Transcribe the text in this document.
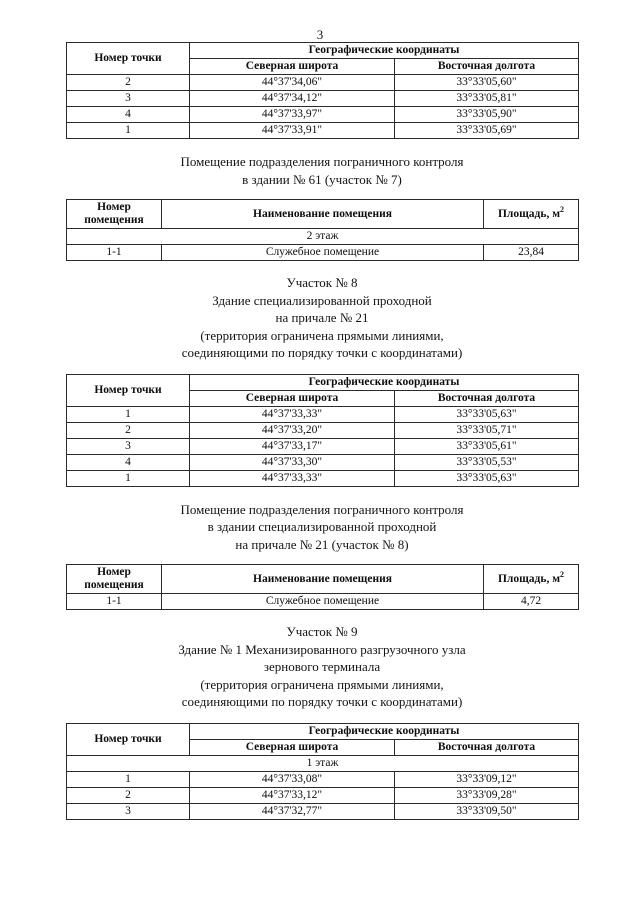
3
Номер точки	Географические координаты	
	Северная широта	Восточная долгота
2	44°37'34,06"	33°33'05,60"
3	44°37'34,12"	33°33'05,81"
4	44°37'33,97"	33°33'05,90"
1	44°37'33,91"	33°33'05,69"
Помещение подразделения пограничного контроля
в здании № 61 (участок № 7)
Номер помещения	Наименование помещения	Площадь, $м^2$
2 этаж		
1-1	Служебное помещение	23,84
Участок № 8
Здание специализированной проходной
на причале № 21
(территория ограничена прямыми линиями,
соединяющими по порядку точки с координатами)
Номер точки	Географические координаты	
	Северная широта	Восточная долгота
1	44°37'33,33"	33°33'05,63"
2	44°37'33,20"	33°33'05,71"
3	44°37'33,17"	33°33'05,61"
4	44°37'33,30"	33°33'05,53"
1	44°37'33,33"	33°33'05,63"
Помещение подразделения пограничного контроля
в здании специализированной проходной
на причале № 21 (участок № 8)
Номер помещения	Наименование помещения	Площадь, $м^2$
1-1	Служебное помещение	4,72
Участок № 9
Здание № 1 Механизированного разгрузочного узла
зернового терминала
(территория ограничена прямыми линиями,
соединяющими по порядку точки с координатами)
Номер точки	Географические координаты	
	Северная широта	Восточная долгота
1 этаж		
1	44°37'33,08"	33°33'09,12"
2	44°37'33,12"	33°33'09,28"
3	44°37'32,77"	33°33'09,50"
